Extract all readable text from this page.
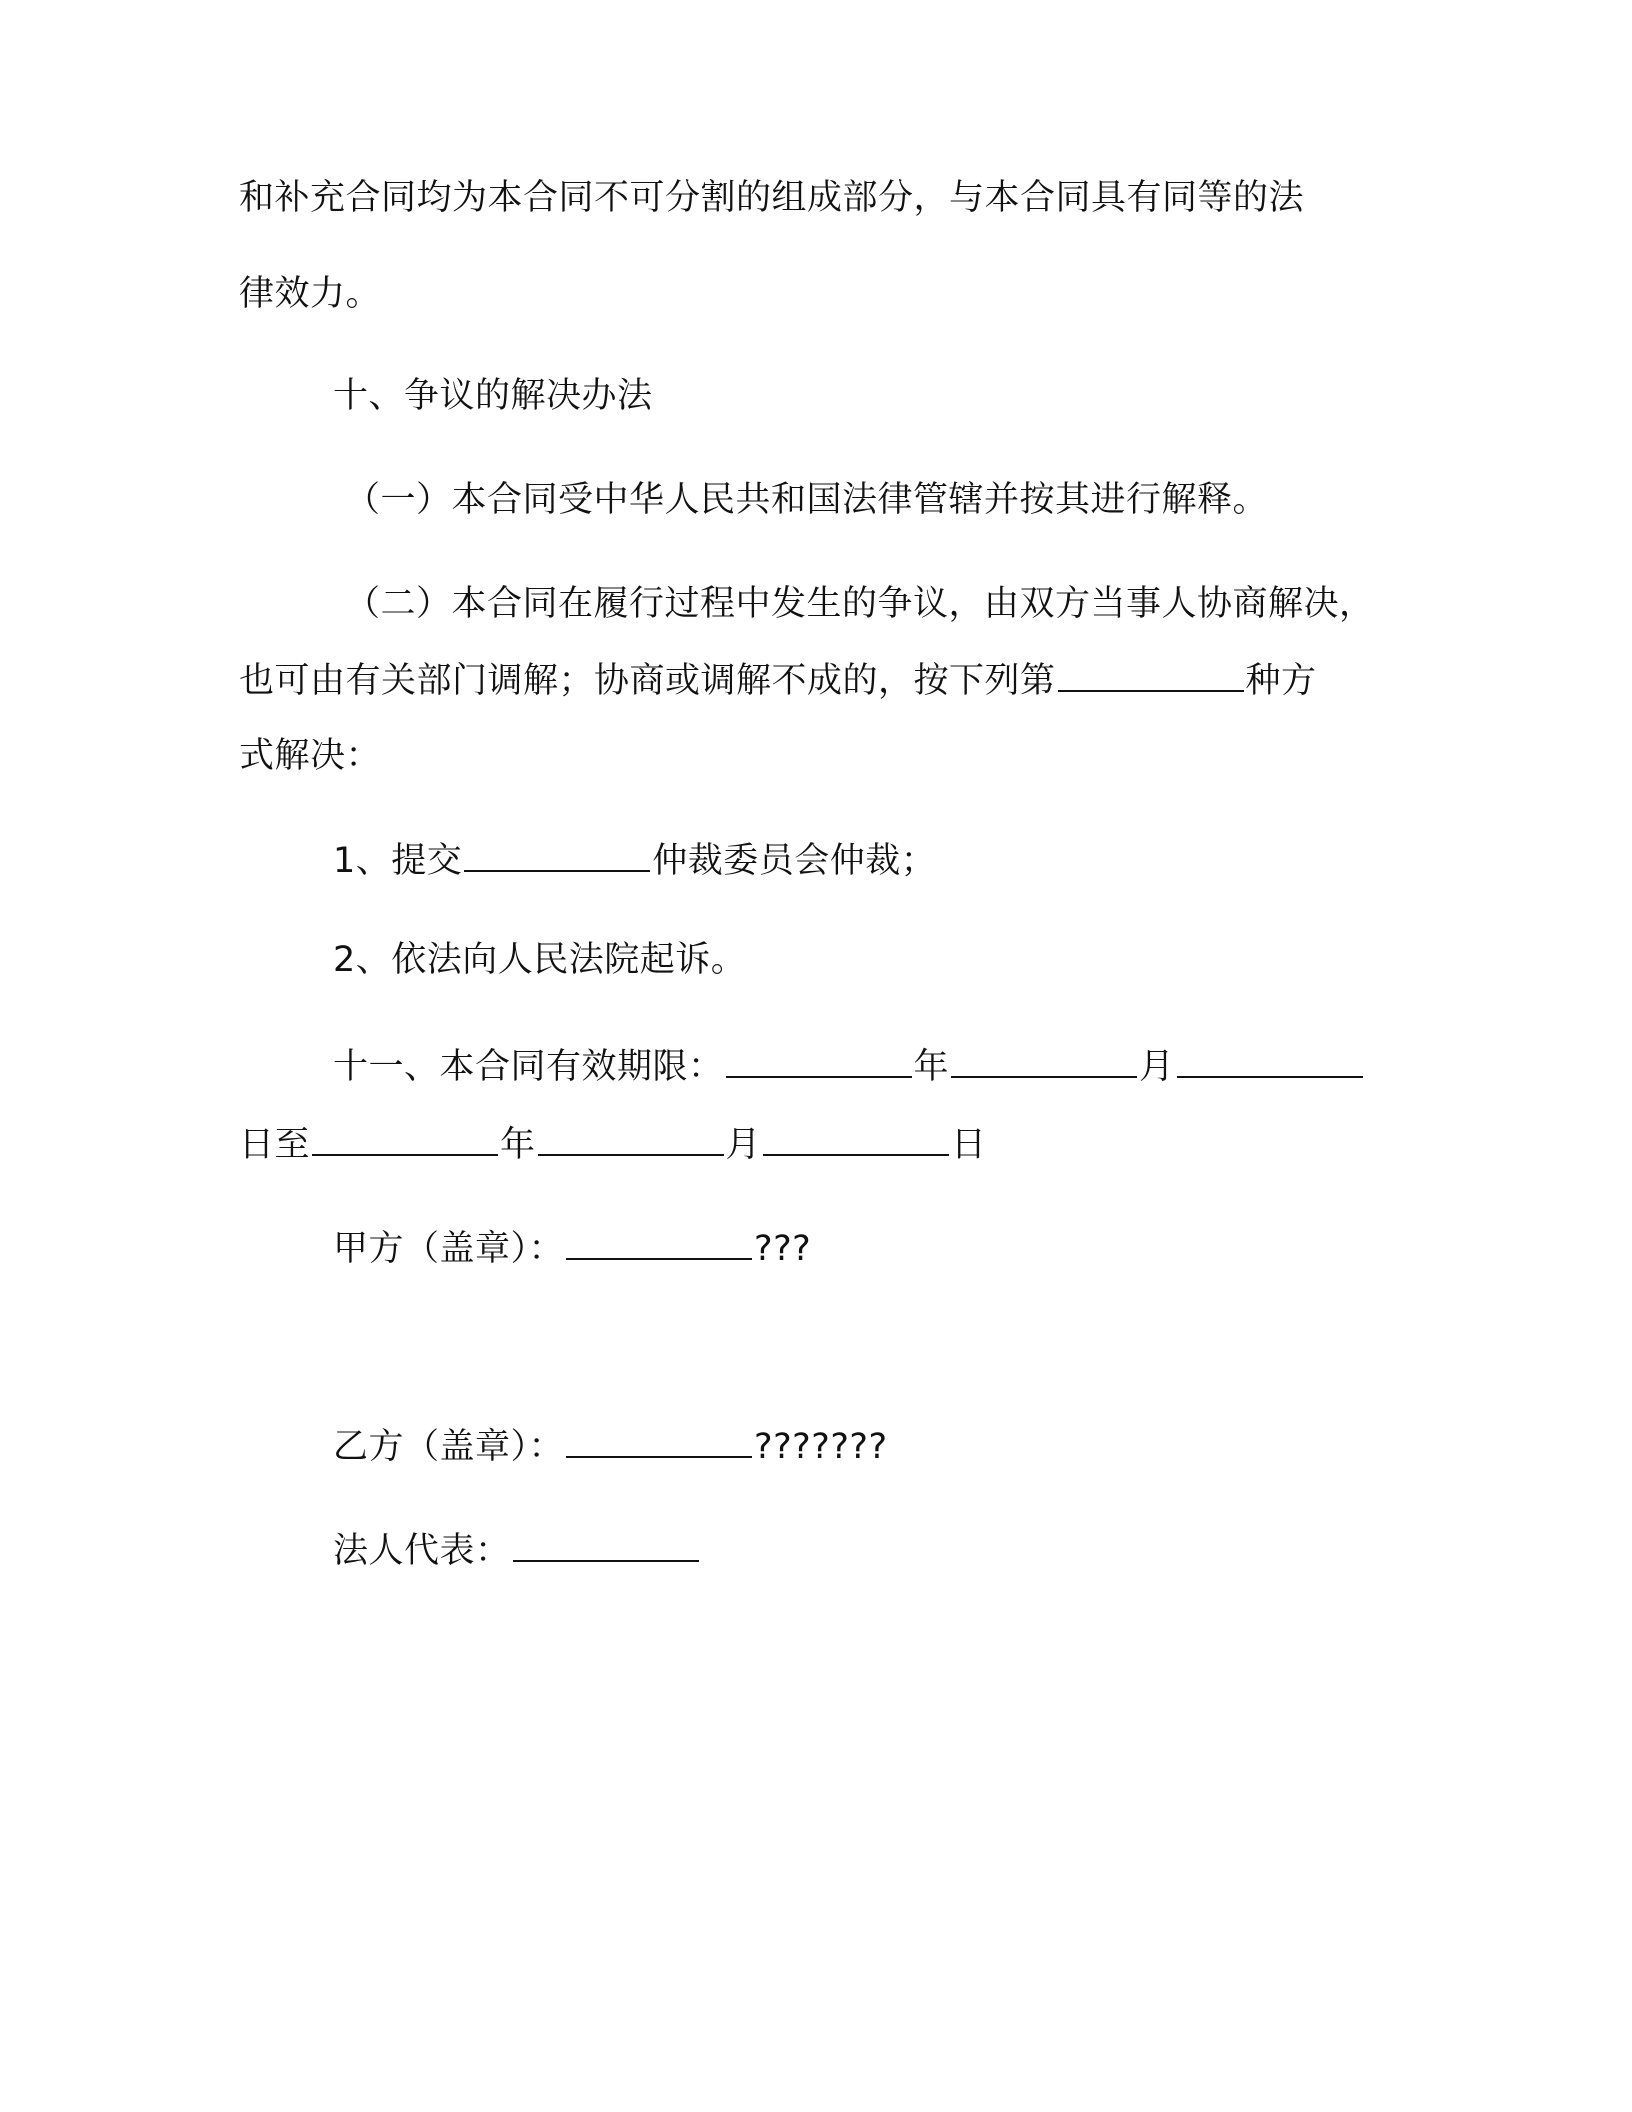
和补充合同均为本合同不可分割的组成部分，与本合同具有同等的法
律效力。
十、争议的解决办法
（一）本合同受中华人民共和国法律管辖并按其进行解释。
（二）本合同在履行过程中发生的争议，由双方当事人协商解决，
也可由有关部门调解；协商或调解不成的，按下列第	种方
式解决：
1、提交	仲裁委员会仲裁；
2、依法向人民法院起诉。
十一、本合同有效期限：	年	月
日至	年	月	日
甲方（盖章）：	???
乙方（盖章）：	???????
法人代表：
